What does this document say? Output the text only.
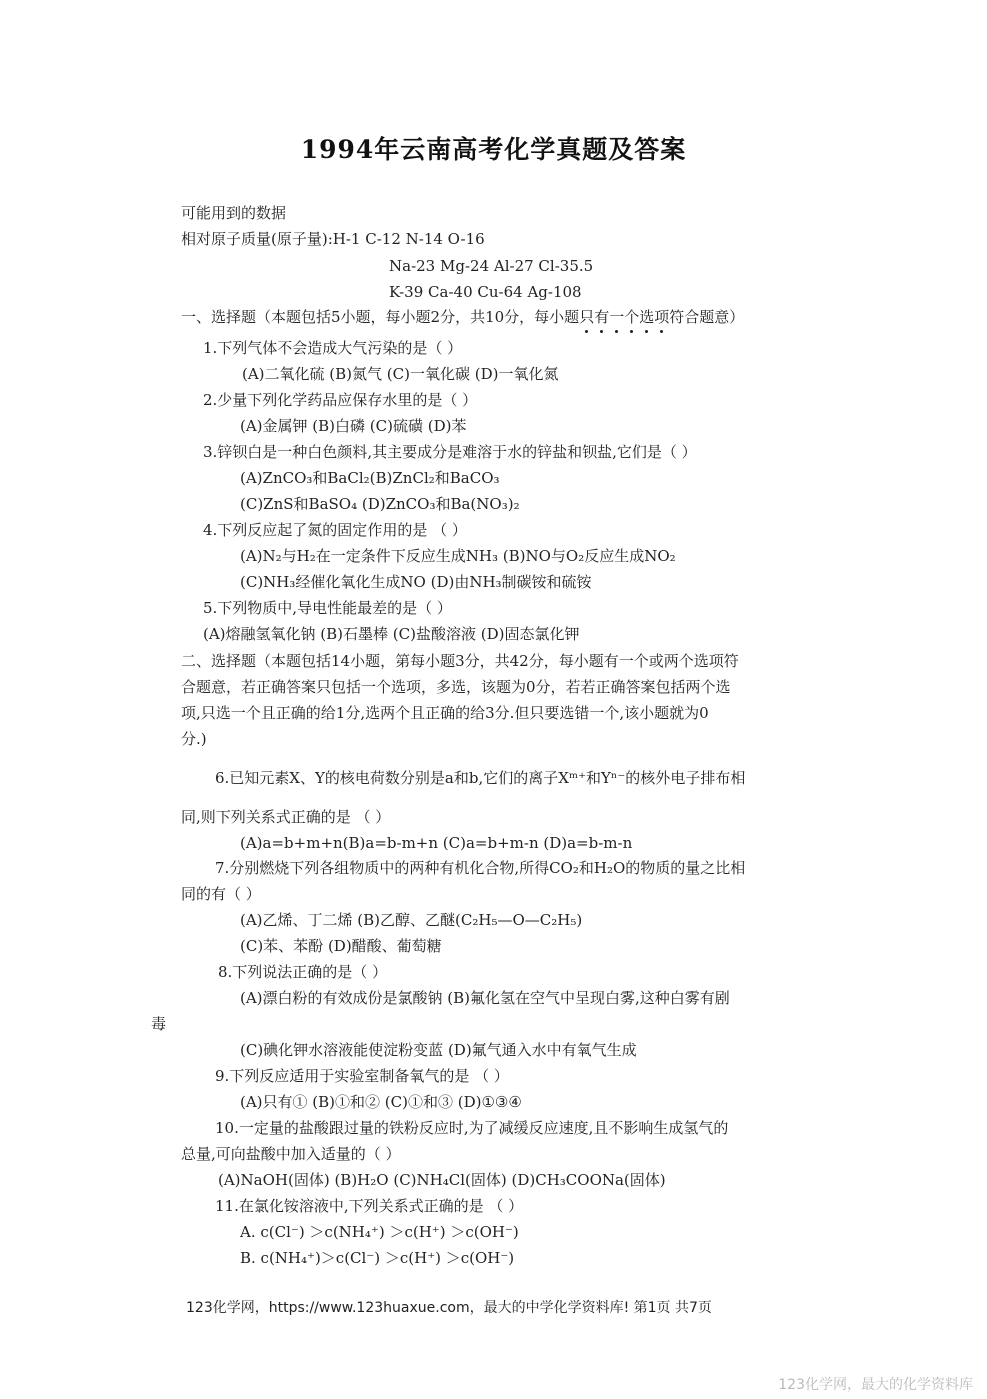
1994年云南高考化学真题及答案
可能用到的数据
相对原子质量(原子量):H-1 C-12 N-14 O-16
Na-23 Mg-24 Al-27 Cl-35.5
K-39 Ca-40 Cu-64 Ag-108
一、选择题（本题包括5小题，每小题2分，共10分，每小题只有一个选项符合题意）
1.下列气体不会造成大气污染的是（ ）
(A)二氧化硫 (B)氮气 (C)一氧化碳 (D)一氧化氮
2.少量下列化学药品应保存水里的是（ ）
(A)金属钾 (B)白磷 (C)硫磺 (D)苯
3.锌钡白是一种白色颜料,其主要成分是难溶于水的锌盐和钡盐,它们是（ ）
(A)ZnCO₃和BaCl₂(B)ZnCl₂和BaCO₃
(C)ZnS和BaSO₄ (D)ZnCO₃和Ba(NO₃)₂
4.下列反应起了氮的固定作用的是 （ ）
(A)N₂与H₂在一定条件下反应生成NH₃ (B)NO与O₂反应生成NO₂
(C)NH₃经催化氧化生成NO (D)由NH₃制碳铵和硫铵
5.下列物质中,导电性能最差的是（ ）
(A)熔融氢氧化钠 (B)石墨棒 (C)盐酸溶液 (D)固态氯化钾
二、选择题（本题包括14小题，第每小题3分，共42分，每小题有一个或两个选项符
合题意，若正确答案只包括一个选项，多选，该题为0分，若若正确答案包括两个选
项,只选一个且正确的给1分,选两个且正确的给3分.但只要选错一个,该小题就为0
分.)
6.已知元素X、Y的核电荷数分别是a和b,它们的离子Xᵐ⁺和Yⁿ⁻的核外电子排布相
同,则下列关系式正确的是 （ ）
(A)a=b+m+n(B)a=b-m+n (C)a=b+m-n (D)a=b-m-n
7.分别燃烧下列各组物质中的两种有机化合物,所得CO₂和H₂O的物质的量之比相
同的有（ ）
(A)乙烯、丁二烯 (B)乙醇、乙醚(C₂H₅—O—C₂H₅)
(C)苯、苯酚 (D)醋酸、葡萄糖
8.下列说法正确的是（ ）
(A)漂白粉的有效成份是氯酸钠 (B)氟化氢在空气中呈现白雾,这种白雾有剧
毒
(C)碘化钾水溶液能使淀粉变蓝 (D)氟气通入水中有氧气生成
9.下列反应适用于实验室制备氧气的是 （ ）
(A)只有① (B)①和② (C)①和③ (D)①③④
10.一定量的盐酸跟过量的铁粉反应时,为了减缓反应速度,且不影响生成氢气的
总量,可向盐酸中加入适量的（ ）
(A)NaOH(固体) (B)H₂O (C)NH₄Cl(固体) (D)CH₃COONa(固体)
11.在氯化铵溶液中,下列关系式正确的是 （ ）
A. c(Cl⁻) ＞c(NH₄⁺) ＞c(H⁺) ＞c(OH⁻)
B. c(NH₄⁺)＞c(Cl⁻) ＞c(H⁺) ＞c(OH⁻)
123化学网，https://www.123huaxue.com，最大的中学化学资料库! 第1页 共7页
123化学网，最大的化学资料库
